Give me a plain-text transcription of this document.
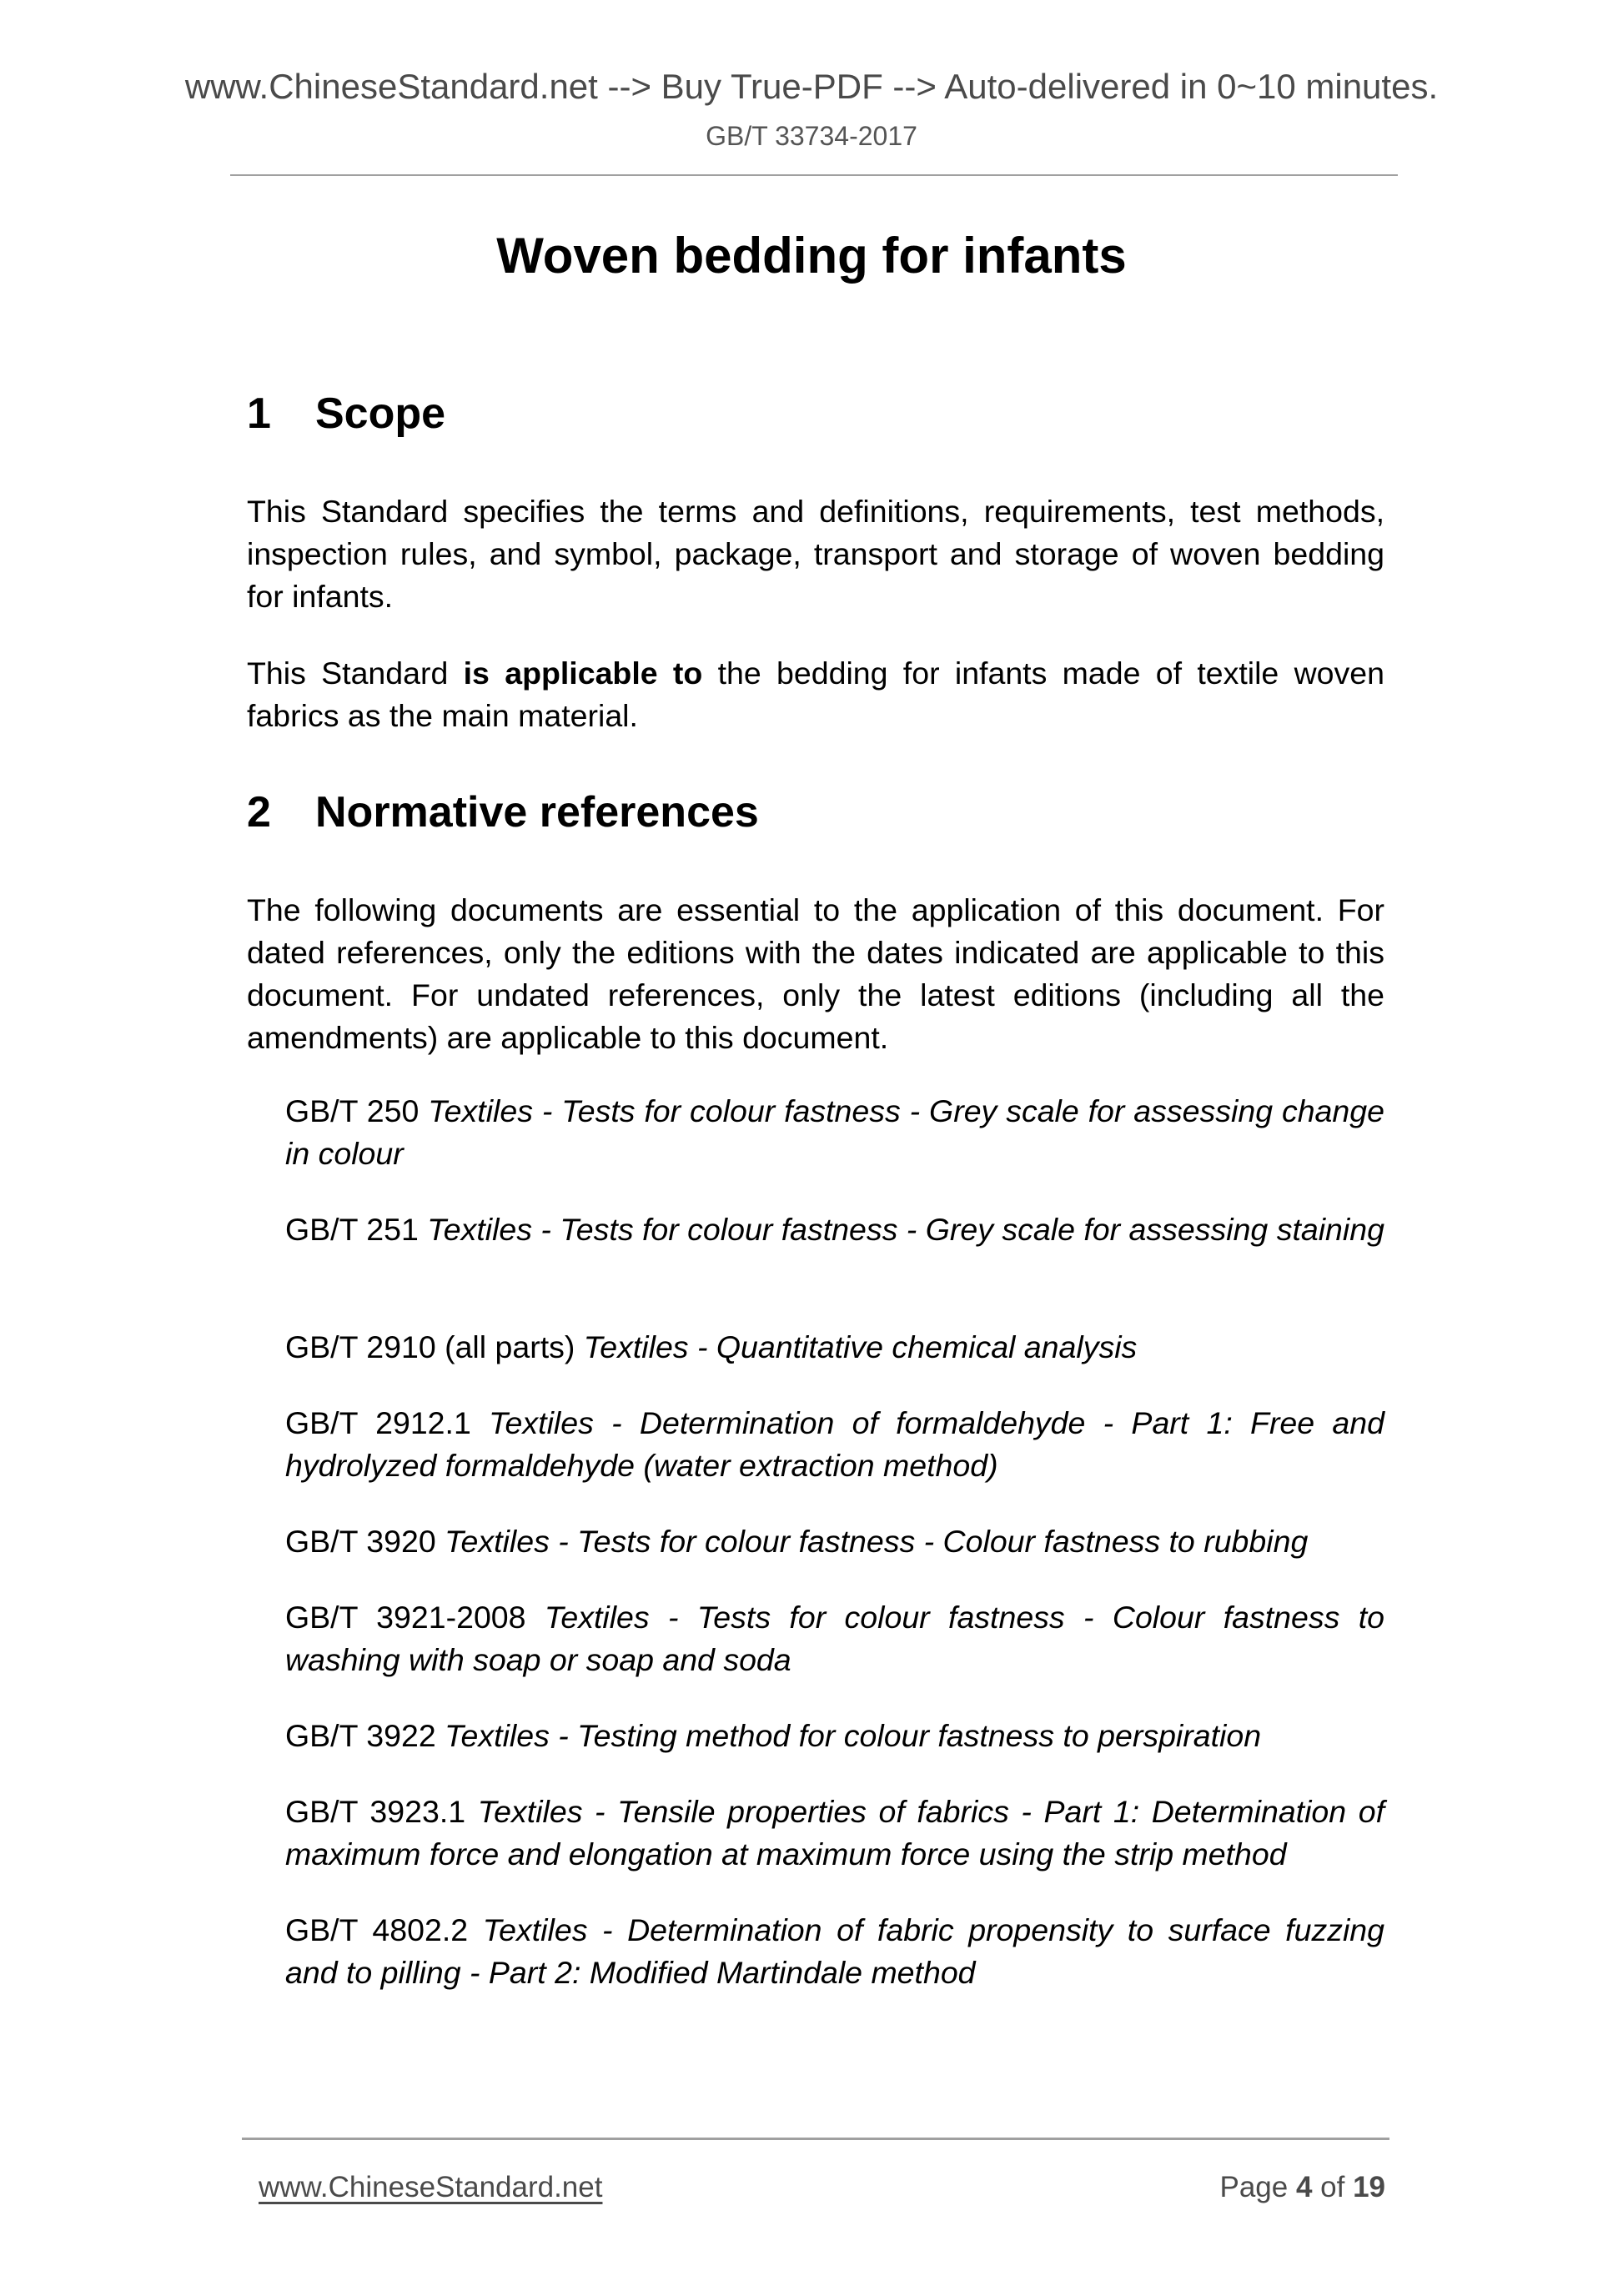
www.ChineseStandard.net --> Buy True-PDF --> Auto-delivered in 0~10 minutes.
GB/T 33734-2017
Woven bedding for infants
1	Scope

This Standard specifies the terms and definitions, requirements, test methods, inspection rules, and symbol, package, transport and storage of woven bedding for infants.

This Standard is applicable to the bedding for infants made of textile woven fabrics as the main material.

2	Normative references

The following documents are essential to the application of this document. For dated references, only the editions with the dates indicated are applicable to this document. For undated references, only the latest editions (including all the amendments) are applicable to this document.

GB/T 250 Textiles - Tests for colour fastness - Grey scale for assessing change in colour

GB/T 251 Textiles - Tests for colour fastness - Grey scale for assessing staining

GB/T 2910 (all parts) Textiles - Quantitative chemical analysis

GB/T 2912.1 Textiles - Determination of formaldehyde - Part 1: Free and hydrolyzed formaldehyde (water extraction method)

GB/T 3920 Textiles - Tests for colour fastness - Colour fastness to rubbing

GB/T 3921-2008 Textiles - Tests for colour fastness - Colour fastness to washing with soap or soap and soda

GB/T 3922 Textiles - Testing method for colour fastness to perspiration

GB/T 3923.1 Textiles - Tensile properties of fabrics - Part 1: Determination of maximum force and elongation at maximum force using the strip method

GB/T 4802.2 Textiles - Determination of fabric propensity to surface fuzzing and to pilling - Part 2: Modified Martindale method

www.ChineseStandard.net	Page 4 of 19
